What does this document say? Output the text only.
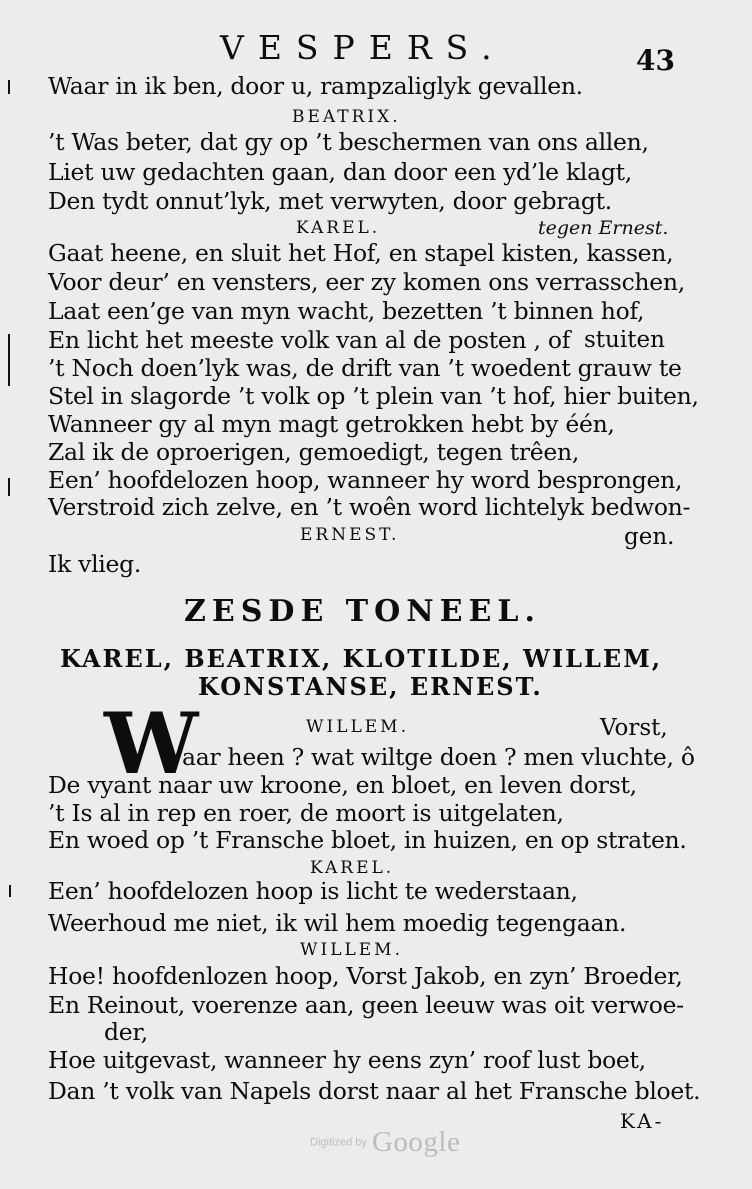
VESPERS.	43
Waar in ik ben, door u, rampzaliglyk gevallen.
BEATRIX.
’t Was beter, dat gy op ’t beschermen van ons allen,
Liet uw gedachten gaan, dan door een yd’le klagt,
Den tydt onnut’lyk, met verwyten, door gebragt.
KAREL.	tegen Ernest.
Gaat heene, en sluit het Hof, en stapel kisten, kassen,
Voor deur’ en vensters, eer zy komen ons verrasschen,
Laat een’ge van myn wacht, bezetten ’t binnen hof,
En licht het meeste volk van al de posten , of stuiten
’t Noch doen’lyk was, de drift van ’t woedent grauw te
Stel in slagorde ’t volk op ’t plein van ’t hof, hier buiten,
Wanneer gy al myn magt getrokken hebt by één,
Zal ik de oproerigen, gemoedigt, tegen trêen,
Een’ hoofdelozen hoop, wanneer hy word besprongen,
Verstroid zich zelve, en ’t woên word lichtelyk bedwon-
ERNEST.	gen.
Ik vlieg.
ZESDE TONEEL.
KAREL, BEATRIX, KLOTILDE, WILLEM,
KONSTANSE, ERNEST.
W	WILLEM.	Vorst,
aar heen ? wat wiltge doen ? men vluchte, ô
De vyant naar uw kroone, en bloet, en leven dorst,
’t Is al in rep en roer, de moort is uitgelaten,
En woed op ’t Fransche bloet, in huizen, en op straten.
KAREL.
Een’ hoofdelozen hoop is licht te wederstaan,
Weerhoud me niet, ik wil hem moedig tegengaan.
WILLEM.
Hoe! hoofdenlozen hoop, Vorst Jakob, en zyn’ Broeder,
En Reinout, voerenze aan, geen leeuw was oit verwoe-
der,
Hoe uitgevast, wanneer hy eens zyn’ roof lust boet,
Dan ’t volk van Napels dorst naar al het Fransche bloet.
KA-
Digitized by Google
